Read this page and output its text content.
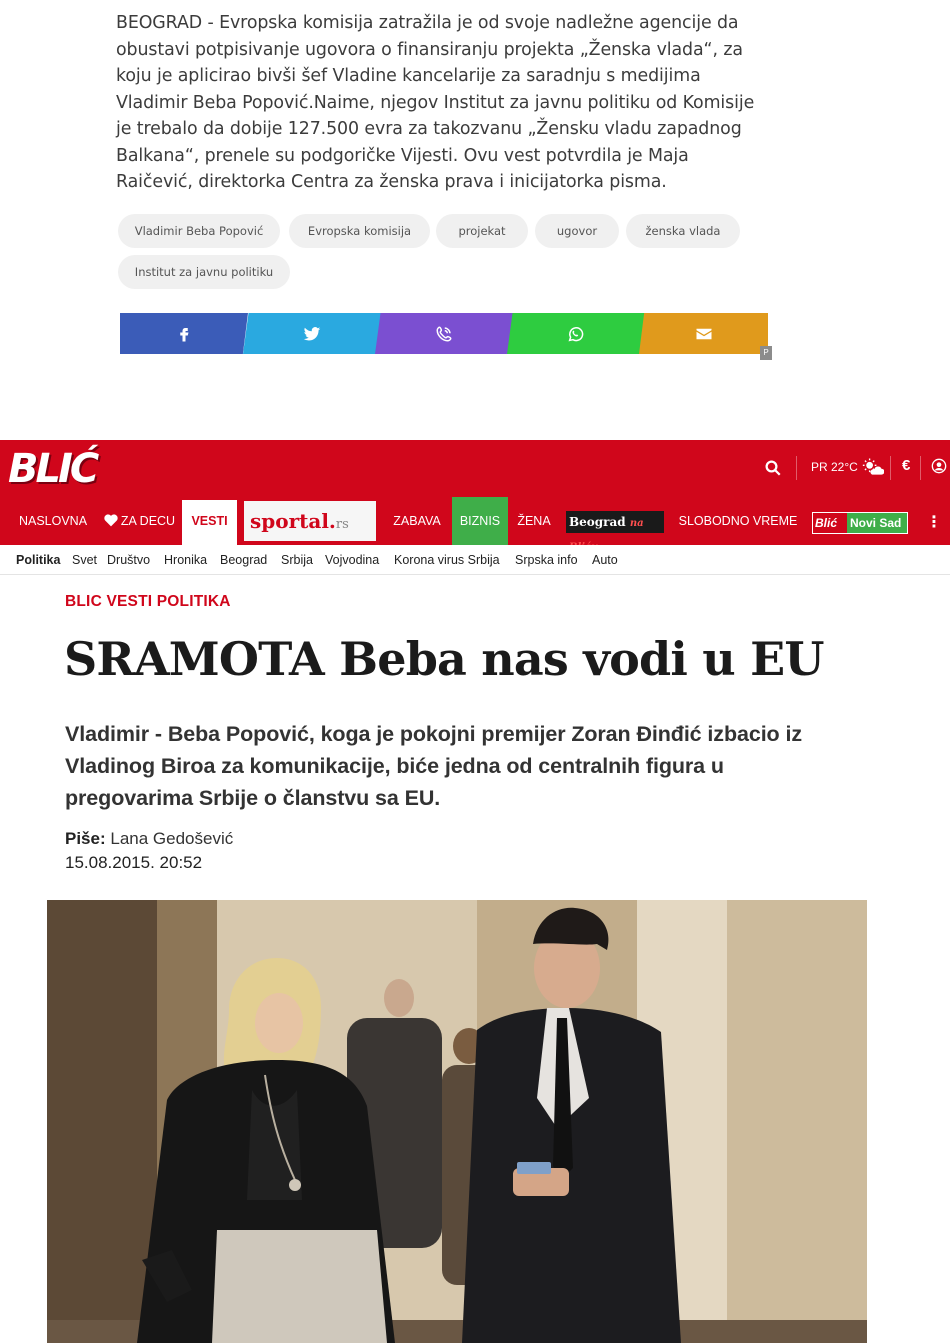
BEOGRAD - Evropska komisija zatražila je od svoje nadležne agencije da
obustavi potpisivanje ugovora o finansiranju projekta „Ženska vlada“, za
koju je aplicirao bivši šef Vladine kancelarije za saradnju s medijima
Vladimir Beba Popović.Naime, njegov Institut za javnu politiku od Komisije
je trebalo da dobije 127.500 evra za takozvanu „Žensku vladu zapadnog
Balkana“, prenele su podgoričke Vijesti. Ovu vest potvrdila je Maja
Raičević, direktorka Centra za ženska prava i inicijatorka pisma.
Vladimir Beba Popović	Evropska komisija	projekat	ugovor	ženska vlada
Institut za javnu politiku
P
BLIĆ	PR 22°C	€
NASLOVNA	ZA DECU	VESTI	sportal.rs	ZABAVA	BIZNIS	ŽENA	Beograd na	SLOBODNO VREME	Blić	Novi Sad	⋮
Politika Svet Društvo Hronika Beograd Srbija Vojvodina Korona virus Srbija Srpska info Auto
BLIC VESTI POLITIKA
SRAMOTA Beba nas vodi u EU
Vladimir - Beba Popović, koga je pokojni premijer Zoran Đinđić izbacio iz
Vladinog Biroa za komunikacije, biće jedna od centralnih figura u
pregovarima Srbije o članstvu sa EU.
Piše: Lana Gedošević
15.08.2015. 20:52
